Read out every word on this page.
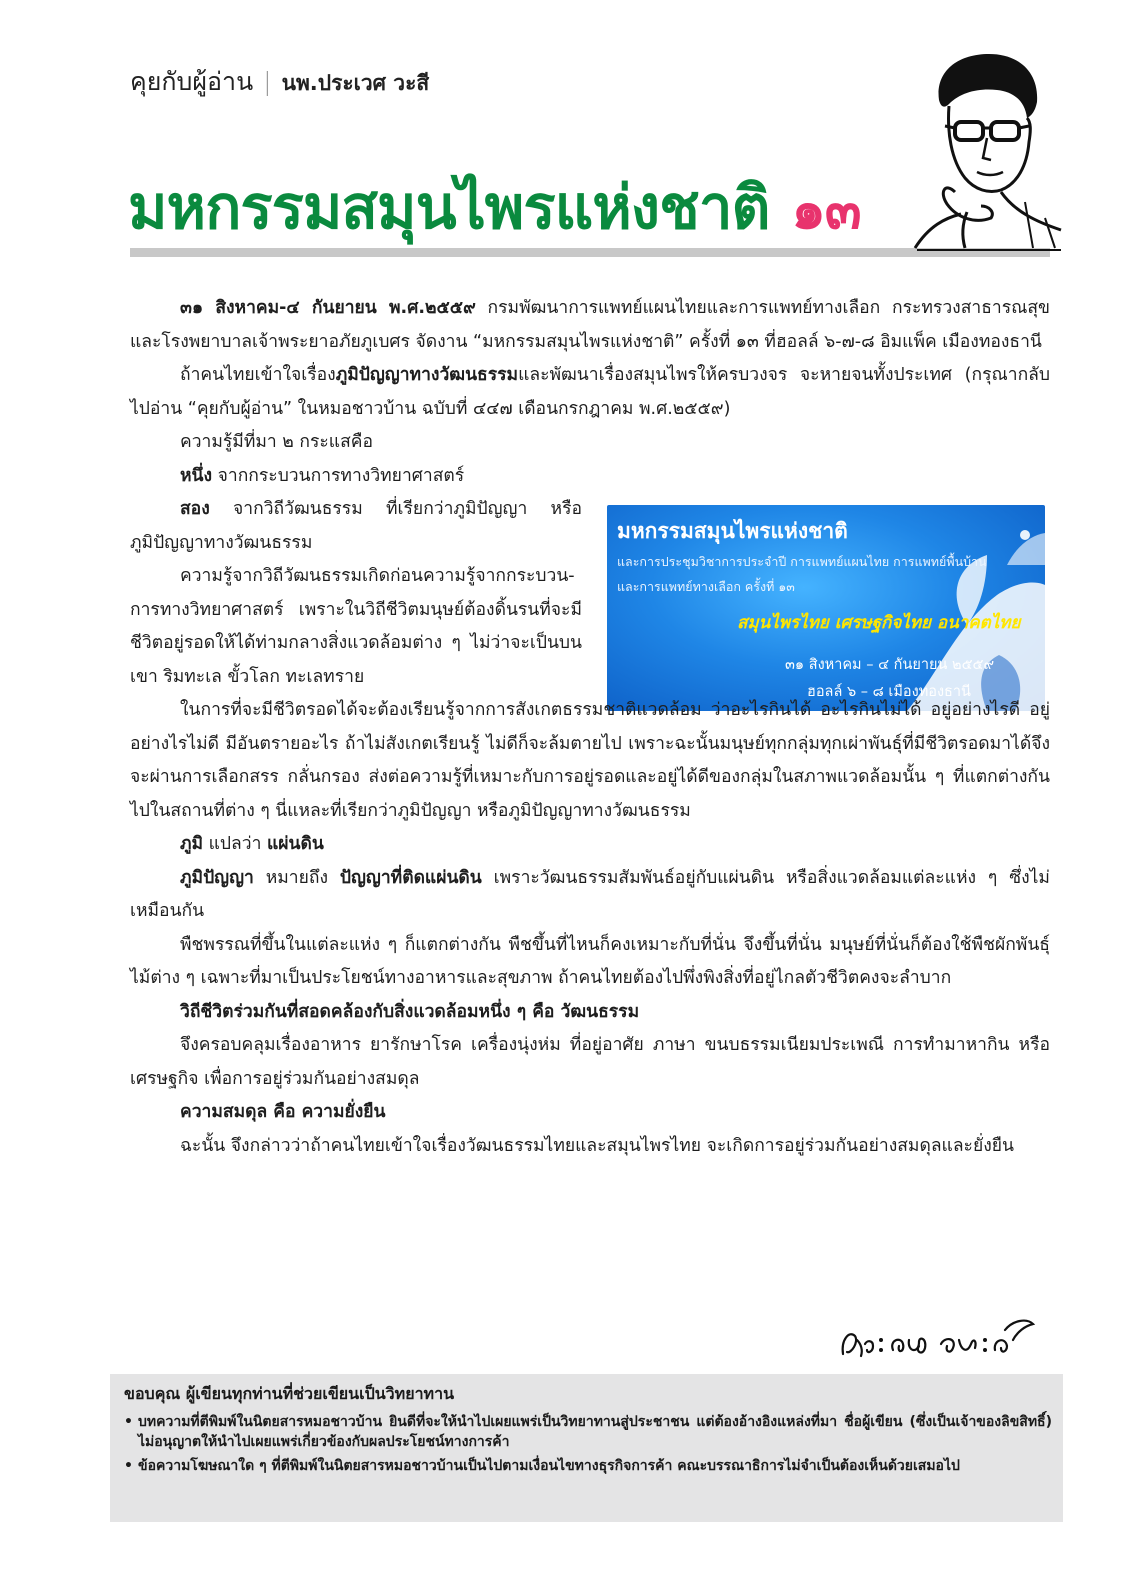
คุยกับผู้อ่าน | นพ.ประเวศ วะสี
มหกรรมสมุนไพรแห่งชาติ ๑๓
มหกรรมสมุนไพรแห่งชาติ
และการประชุมวิชาการประจำปี การแพทย์แผนไทย การแพทย์พื้นบ้าน
และการแพทย์ทางเลือก ครั้งที่ ๑๓
สมุนไพรไทย เศรษฐกิจไทย อนาคตไทย
๓๑ สิงหาคม – ๔ กันยายน ๒๕๕๙
ฮอลล์ ๖ – ๘ เมืองทองธานี

๓๑ สิงหาคม-๔ กันยายน พ.ศ.๒๕๕๙ กรมพัฒนาการแพทย์แผนไทยและการแพทย์ทางเลือก กระทรวงสาธารณสุข และโรงพยาบาลเจ้าพระยาอภัยภูเบศร จัดงาน “มหกรรมสมุนไพรแห่งชาติ” ครั้งที่ ๑๓ ที่ฮอลล์ ๖-๗-๘ อิมแพ็ค เมืองทองธานี

ถ้าคนไทยเข้าใจเรื่องภูมิปัญญาทางวัฒนธรรมและพัฒนาเรื่องสมุนไพรให้ครบวงจร จะหายจนทั้งประเทศ (กรุณากลับไปอ่าน “คุยกับผู้อ่าน” ในหมอชาวบ้าน ฉบับที่ ๔๔๗ เดือนกรกฎาคม พ.ศ.๒๕๕๙)

ความรู้มีที่มา ๒ กระแสคือ

หนึ่ง จากกระบวนการทางวิทยาศาสตร์

สอง จากวิถีวัฒนธรรม ที่เรียกว่าภูมิปัญญา หรือภูมิปัญญาทางวัฒนธรรม

ความรู้จากวิถีวัฒนธรรมเกิดก่อนความรู้จากกระบวน-การทางวิทยาศาสตร์ เพราะในวิถีชีวิตมนุษย์ต้องดิ้นรนที่จะมีชีวิตอยู่รอดให้ได้ท่ามกลางสิ่งแวดล้อมต่าง ๆ ไม่ว่าจะเป็นบนเขา ริมทะเล ขั้วโลก ทะเลทราย

ในการที่จะมีชีวิตรอดได้จะต้องเรียนรู้จากการสังเกตธรรมชาติแวดล้อม ว่าอะไรกินได้ อะไรกินไม่ได้ อยู่อย่างไรดี อยู่อย่างไรไม่ดี มีอันตรายอะไร ถ้าไม่สังเกตเรียนรู้ ไม่ดีก็จะล้มตายไป เพราะฉะนั้นมนุษย์ทุกกลุ่มทุกเผ่าพันธุ์ที่มีชีวิตรอดมาได้จึงจะผ่านการเลือกสรร กลั่นกรอง ส่งต่อความรู้ที่เหมาะกับการอยู่รอดและอยู่ได้ดีของกลุ่มในสภาพแวดล้อมนั้น ๆ ที่แตกต่างกันไปในสถานที่ต่าง ๆ นี่แหละที่เรียกว่าภูมิปัญญา หรือภูมิปัญญาทางวัฒนธรรม

ภูมิ แปลว่า แผ่นดิน

ภูมิปัญญา หมายถึง ปัญญาที่ติดแผ่นดิน เพราะวัฒนธรรมสัมพันธ์อยู่กับแผ่นดิน หรือสิ่งแวดล้อมแต่ละแห่ง ๆ ซึ่งไม่เหมือนกัน

พืชพรรณที่ขึ้นในแต่ละแห่ง ๆ ก็แตกต่างกัน พืชขึ้นที่ไหนก็คงเหมาะกับที่นั่น จึงขึ้นที่นั่น มนุษย์ที่นั่นก็ต้องใช้พืชผักพันธุ์ไม้ต่าง ๆ เฉพาะที่มาเป็นประโยชน์ทางอาหารและสุขภาพ ถ้าคนไทยต้องไปพึ่งพิงสิ่งที่อยู่ไกลตัวชีวิตคงจะลำบาก

วิถีชีวิตร่วมกันที่สอดคล้องกับสิ่งแวดล้อมหนึ่ง ๆ คือ วัฒนธรรม

จึงครอบคลุมเรื่องอาหาร ยารักษาโรค เครื่องนุ่งห่ม ที่อยู่อาศัย ภาษา ขนบธรรมเนียมประเพณี การทำมาหากิน หรือเศรษฐกิจ เพื่อการอยู่ร่วมกันอย่างสมดุล

ความสมดุล คือ ความยั่งยืน

ฉะนั้น จึงกล่าวว่าถ้าคนไทยเข้าใจเรื่องวัฒนธรรมไทยและสมุนไพรไทย จะเกิดการอยู่ร่วมกันอย่างสมดุลและยั่งยืน

ขอบคุณ ผู้เขียนทุกท่านที่ช่วยเขียนเป็นวิทยาทาน
• บทความที่ตีพิมพ์ในนิตยสารหมอชาวบ้าน ยินดีที่จะให้นำไปเผยแพร่เป็นวิทยาทานสู่ประชาชน แต่ต้องอ้างอิงแหล่งที่มา ชื่อผู้เขียน (ซึ่งเป็นเจ้าของลิขสิทธิ์) ไม่อนุญาตให้นำไปเผยแพร่เกี่ยวข้องกับผลประโยชน์ทางการค้า
• ข้อความโฆษณาใด ๆ ที่ตีพิมพ์ในนิตยสารหมอชาวบ้านเป็นไปตามเงื่อนไขทางธุรกิจการค้า คณะบรรณาธิการไม่จำเป็นต้องเห็นด้วยเสมอไป
